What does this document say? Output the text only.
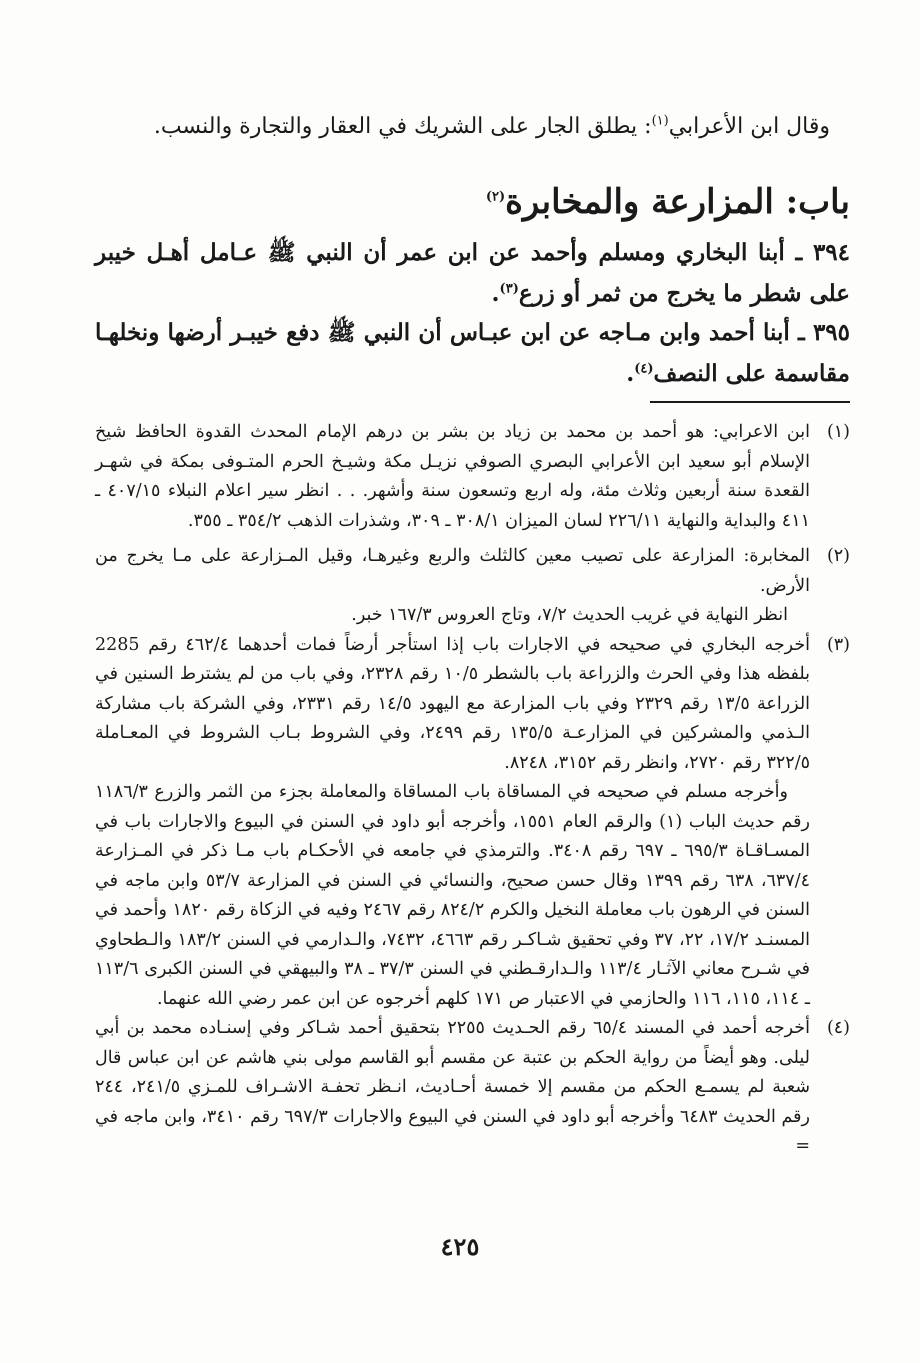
وقال ابن الأعرابي$^{(١)}$: يطلق الجار على الشريك في العقار والتجارة والنسب.
باب: المزارعة والمخابرة$^{(٢)}$
٣٩٤ ـ أبنا البخاري ومسلم وأحمد عن ابن عمر أن النبي ﷺ عـامل أهـل خيبر على شطر ما يخرج من ثمر أو زرع$^{(٣)}$.
٣٩٥ ـ أبنا أحمد وابن مـاجه عن ابن عبـاس أن النبي ﷺ دفع خيبـر أرضها ونخلهـا مقاسمة على النصف$^{(٤)}$.
(١)

ابن الاعرابي: هو أحمد بن محمد بن زياد بن بشر بن درهم الإمام المحدث القدوة الحافظ شيخ الإسلام أبو سعيد ابن الأعرابي البصري الصوفي نزيـل مكة وشيـخ الحرم المتـوفى بمكة في شهـر القعدة سنة أربعين وثلاث مئة، وله اربع وتسعون سنة وأشهر. . . انظر سير اعلام النبلاء ٤٠٧/١٥ ـ ٤١١ والبداية والنهاية ٢٢٦/١١ لسان الميزان ٣٠٨/١ ـ ٣٠٩، وشذرات الذهب ٣٥٤/٢ ـ ٣٥٥.

(٢)

المخابرة: المزارعة على تصيب معين كالثلث والربع وغيرهـا، وقيل المـزارعة على مـا يخرج من الأرض.

انظر النهاية في غريب الحديث ٧/٢، وتاج العروس ١٦٧/٣ خبر.

(٣)

أخرجه البخاري في صحيحه في الاجارات باب إذا استأجر أرضاً فمات أحدهما ٤٦٢/٤ رقم 2285 بلفظه هذا وفي الحرث والزراعة باب بالشطر ١٠/٥ رقم ٢٣٢٨، وفي باب من لم يشترط السنين في الزراعة ١٣/٥ رقم ٢٣٢٩ وفي باب المزارعة مع اليهود ١٤/٥ رقم ٢٣٣١، وفي الشركة باب مشاركة الـذمي والمشركين في المزارعـة ١٣٥/٥ رقم ٢٤٩٩، وفي الشروط بـاب الشروط في المعـاملة ٣٢٢/٥ رقم ٢٧٢٠، وانظر رقم ٣١٥٢، ٨٢٤٨.

وأخرجه مسلم في صحيحه في المساقاة باب المساقاة والمعاملة بجزء من الثمر والزرع ١١٨٦/٣ رقم حديث الباب (١) والرقم العام ١٥٥١، وأخرجه أبو داود في السنن في البيوع والاجارات باب في المسـاقـاة ٦٩٥/٣ ـ ٦٩٧ رقم ٣٤٠٨. والترمذي في جامعه في الأحكـام باب مـا ذكر في المـزارعة ٦٣٧/٤، ٦٣٨ رقم ١٣٩٩ وقال حسن صحيح، والنسائي في السنن في المزارعة ٥٣/٧ وابن ماجه في السنن في الرهون باب معاملة النخيل والكرم ٨٢٤/٢ رقم ٢٤٦٧ وفيه في الزكاة رقم ١٨٢٠ وأحمد في المسنـد ١٧/٢، ٢٢، ٣٧ وفي تحقيق شـاكـر رقم ٤٦٦٣، ٧٤٣٢، والـدارمي في السنن ١٨٣/٢ والـطحاوي في شـرح معاني الآثـار ١١٣/٤ والـدارقـطني في السنن ٣٧/٣ ـ ٣٨ والبيهقي في السنن الكبرى ١١٣/٦ ـ ١١٤، ١١٥، ١١٦ والحازمي في الاعتبار ص ١٧١ كلهم أخرجوه عن ابن عمر رضي الله عنهما.

(٤)

أخرجه أحمد في المسند ٦٥/٤ رقم الحـديث ٢٢٥٥ بتحقيق أحمد شـاكر وفي إسنـاده محمد بن أبي ليلى. وهو أيضاً من رواية الحكم بن عتبة عن مقسم أبو القاسم مولى بني هاشم عن ابن عباس قال شعبة لم يسمـع الحكم من مقسم إلا خمسة أحـاديث، انـظر تحفـة الاشـراف للمـزي ٢٤١/٥، ٢٤٤ رقم الحديث ٦٤٨٣ وأخرجه أبو داود في السنن في البيوع والاجارات ٦٩٧/٣ رقم ٣٤١٠، وابن ماجه في =

٤٢٥
